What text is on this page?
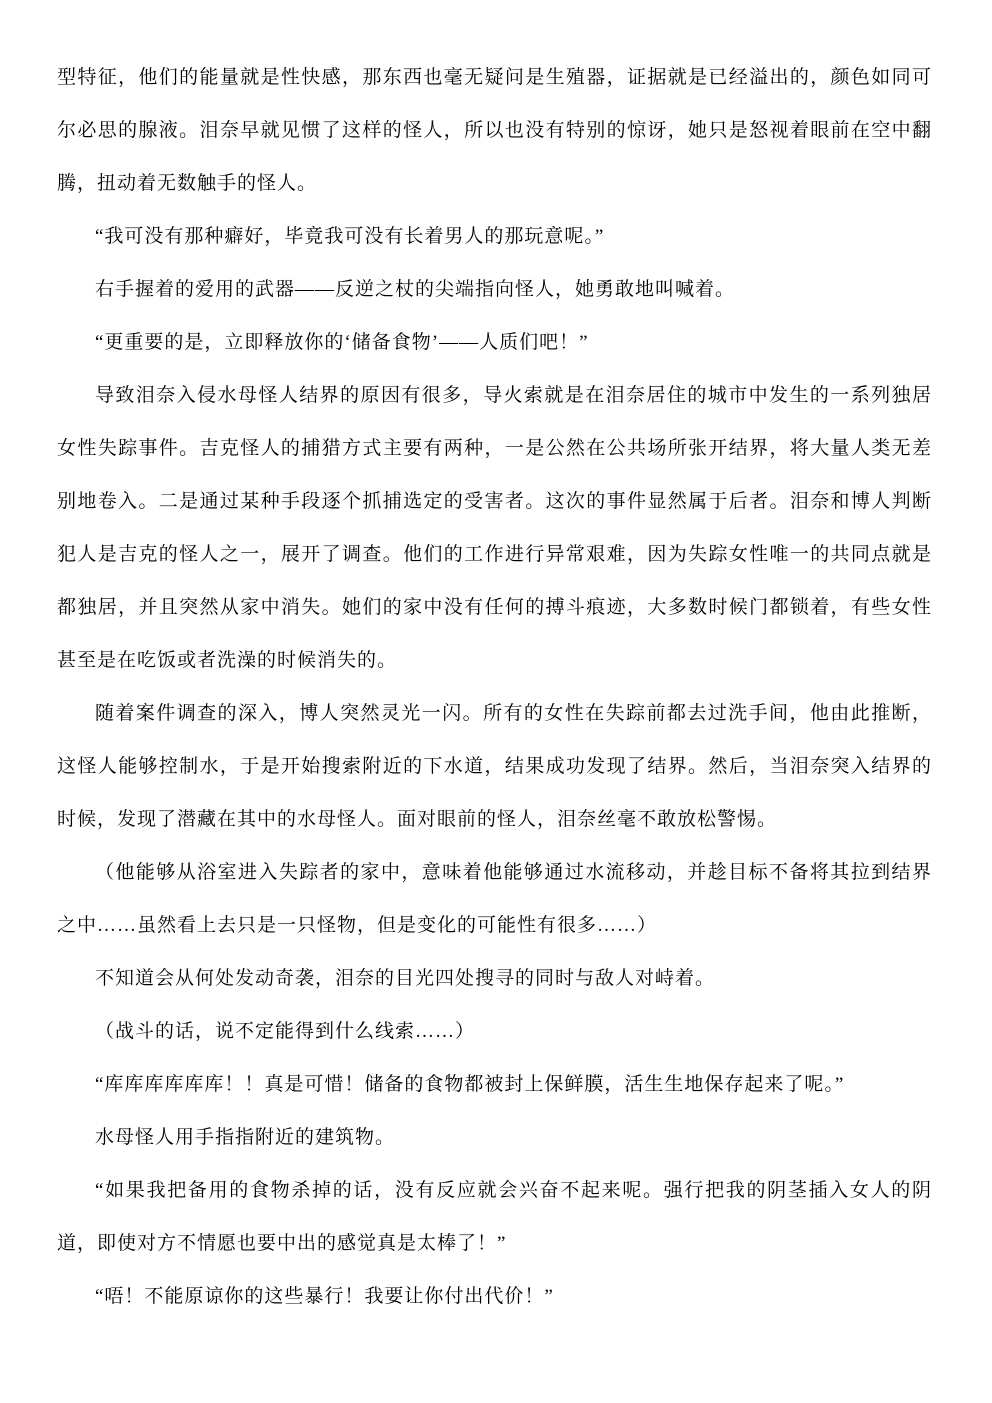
型特征，他们的能量就是性快感，那东西也毫无疑问是生殖器，证据就是已经溢出的，颜色如同可尔必思的腺液。泪奈早就见惯了这样的怪人，所以也没有特别的惊讶，她只是怒视着眼前在空中翻腾，扭动着无数触手的怪人。

“我可没有那种癖好，毕竟我可没有长着男人的那玩意呢。”

右手握着的爱用的武器——反逆之杖的尖端指向怪人，她勇敢地叫喊着。

“更重要的是，立即释放你的‘储备食物’——人质们吧！”

导致泪奈入侵水母怪人结界的原因有很多，导火索就是在泪奈居住的城市中发生的一系列独居女性失踪事件。吉克怪人的捕猎方式主要有两种，一是公然在公共场所张开结界，将大量人类无差别地卷入。二是通过某种手段逐个抓捕选定的受害者。这次的事件显然属于后者。泪奈和博人判断犯人是吉克的怪人之一，展开了调查。他们的工作进行异常艰难，因为失踪女性唯一的共同点就是都独居，并且突然从家中消失。她们的家中没有任何的搏斗痕迹，大多数时候门都锁着，有些女性甚至是在吃饭或者洗澡的时候消失的。

随着案件调查的深入，博人突然灵光一闪。所有的女性在失踪前都去过洗手间，他由此推断，这怪人能够控制水，于是开始搜索附近的下水道，结果成功发现了结界。然后，当泪奈突入结界的时候，发现了潜藏在其中的水母怪人。面对眼前的怪人，泪奈丝毫不敢放松警惕。

（他能够从浴室进入失踪者的家中，意味着他能够通过水流移动，并趁目标不备将其拉到结界之中……虽然看上去只是一只怪物，但是变化的可能性有很多……）

不知道会从何处发动奇袭，泪奈的目光四处搜寻的同时与敌人对峙着。

（战斗的话，说不定能得到什么线索……）

“库库库库库库！！真是可惜！储备的食物都被封上保鲜膜，活生生地保存起来了呢。”

水母怪人用手指指附近的建筑物。

“如果我把备用的食物杀掉的话，没有反应就会兴奋不起来呢。强行把我的阴茎插入女人的阴道，即使对方不情愿也要中出的感觉真是太棒了！”

“唔！不能原谅你的这些暴行！我要让你付出代价！”
